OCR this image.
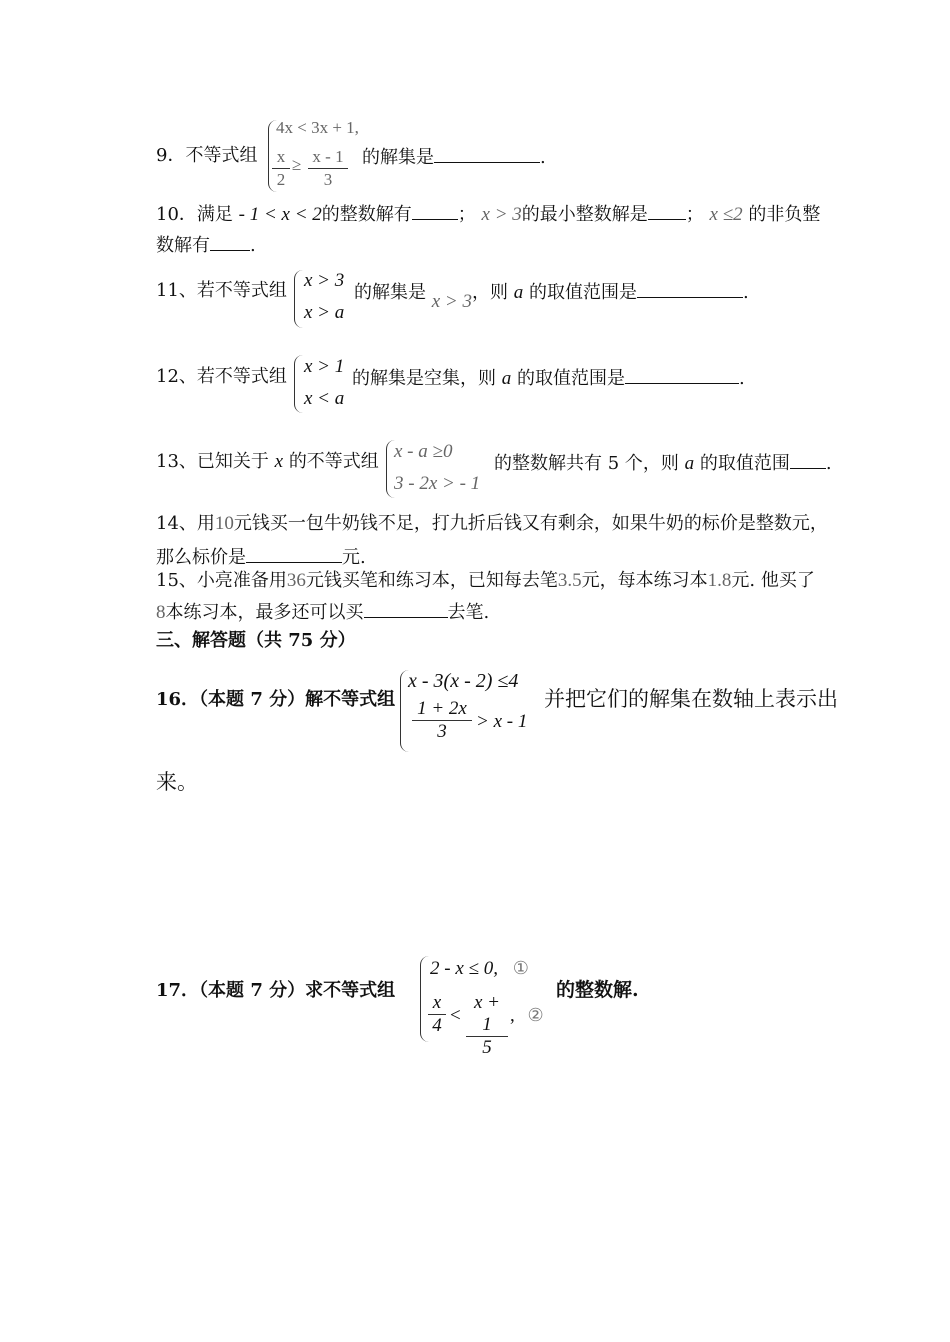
9．不等式组
4x < 3x + 1,
$\frac{x}{2} \ge \frac{x - 1}{3}$ 的解集是	.
10．满足 - 1 < x < 2的整数解有	； x > 3的最小整数解是 ； x ≤2 的非负整
数解有 .
11、若不等式组 x > 3
x > a
的解集是 x > 3，则 a 的取值范围是	.
12、若不等式组 x > 1
x < a
的解集是空集，则 a 的取值范围是	.
13、已知关于 x 的不等式组 x - a ≥0
3 - 2x > - 1
的整数解共有 5 个，则 a 的取值范围 .
14、用10元钱买一包牛奶钱不足，打九折后钱又有剩余，如果牛奶的标价是整数元，
那么标价是	元.
15、小亮准备用36元钱买笔和练习本，已知每去笔3.5元，每本练习本1.8元. 他买了
8本练习本，最多还可以买	去笔.
三、解答题（共 75 分）
16．（本题 7 分）解不等式组
x - 3(x - 2) ≤4
$\frac{1 + 2x}{3} > x - 1$
并把它们的解集在数轴上表示出
来。
17．（本题 7 分）求不等式组
2 - x ≤ 0, ①
$\frac{x}{4} < \frac{x + 1}{5}$ , ②
的整数解.
